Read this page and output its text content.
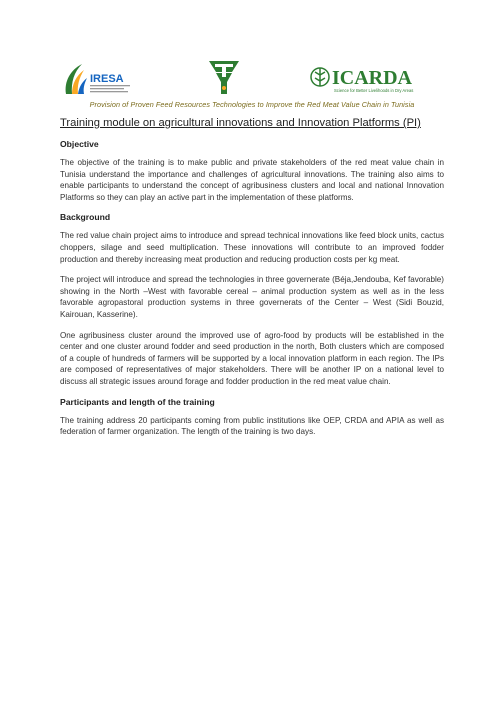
IRESA	ICARDA
Science for Better Livelihoods in Dry Areas
Provision of Proven Feed Resources Technologies to Improve the Red Meat Value Chain in Tunisia
Training module on agricultural innovations and Innovation Platforms (PI)
Objective

The objective of the training is to make public and private stakeholders of the red meat value chain in Tunisia understand the importance and challenges of agricultural innovations. The training also aims to enable participants to understand the concept of agribusiness clusters and local and national Innovation Platforms so they can play an active part in the implementation of these platforms.

Background

The red value chain project aims to introduce and spread technical innovations like feed block units, cactus choppers, silage and seed multiplication. These innovations will contribute to an improved fodder production and thereby increasing meat production and reducing production costs per kg meat.

The project will introduce and spread the technologies in three governerate (Béja,Jendouba, Kef favorable) showing in the North –West with favorable cereal – animal production system as well as in the less favorable agropastoral production systems in three governerats of the Center – West (Sidi Bouzid, Kairouan, Kasserine).

One agribusiness cluster around the improved use of agro-food by products will be established in the center and one cluster around fodder and seed production in the north, Both clusters which are composed of a couple of hundreds of farmers will be supported by a local innovation platform in each region. The IPs are composed of representatives of major stakeholders. There will be another IP on a national level to discuss all strategic issues around forage and fodder production in the red meat value chain.

Participants and length of the training

The training address 20 participants coming from public institutions like OEP, CRDA and APIA as well as federation of farmer organization. The length of the training is two days.
